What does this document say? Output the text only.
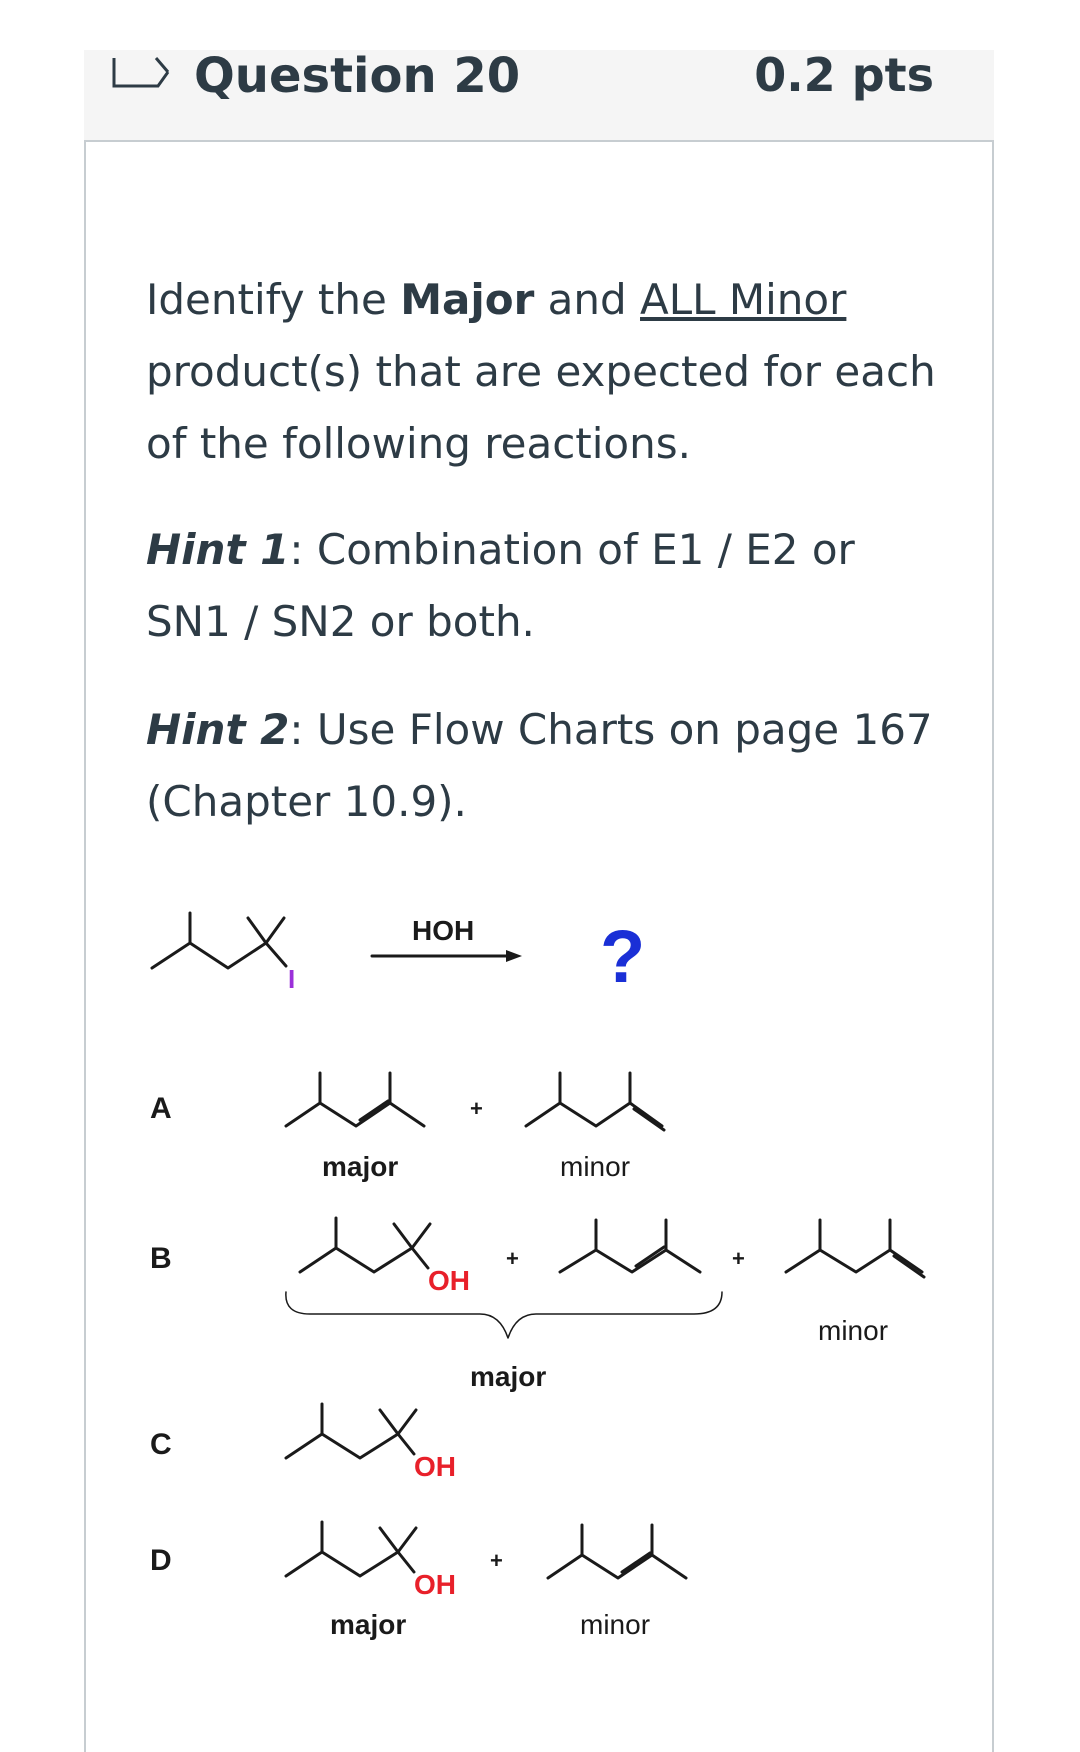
Question 20	0.2 pts
Identify the Major and ALL Minor product(s) that are expected for each of the following reactions.
Hint 1: Combination of E1 / E2 or SN1 / SN2 or both.
Hint 2: Use Flow Charts on page 167 (Chapter 10.9).
I
HOH ?
A	+
major	minor
B
OH
+	+
major
minor
C
OH
D
OH
+
major	minor
